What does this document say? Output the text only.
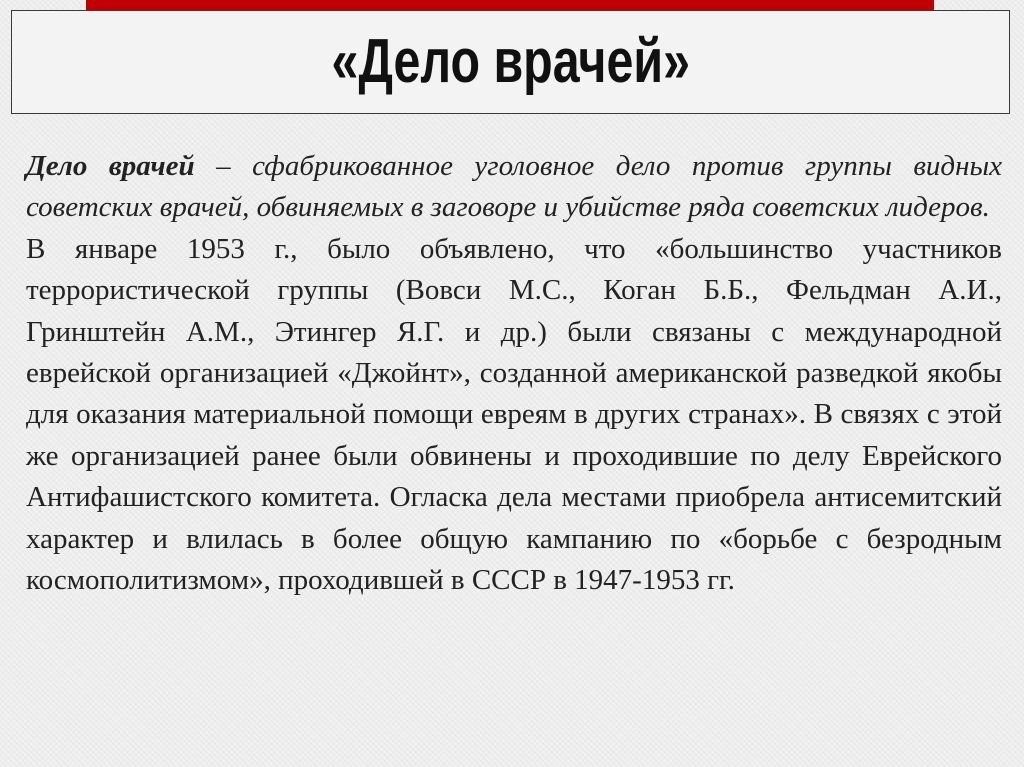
«Дело врачей»

Дело врачей – сфабрикованное уголовное дело против группы видных советских врачей, обвиняемых в заговоре и убийстве ряда советских лидеров.

В январе 1953 г., было объявлено, что «большинство участников террористической группы (Вовси М.С., Коган Б.Б., Фельдман А.И., Гринштейн А.М., Этингер Я.Г. и др.) были связаны с международной еврейской организацией «Джойнт», созданной американской разведкой якобы для оказания материальной помощи евреям в других странах». В связях с этой же организацией ранее были обвинены и проходившие по делу Еврейского Антифашистского комитета. Огласка дела местами приобрела антисемитский характер и влилась в более общую кампанию по «борьбе с безродным космополитизмом», проходившей в СССР в 1947-1953 гг.
